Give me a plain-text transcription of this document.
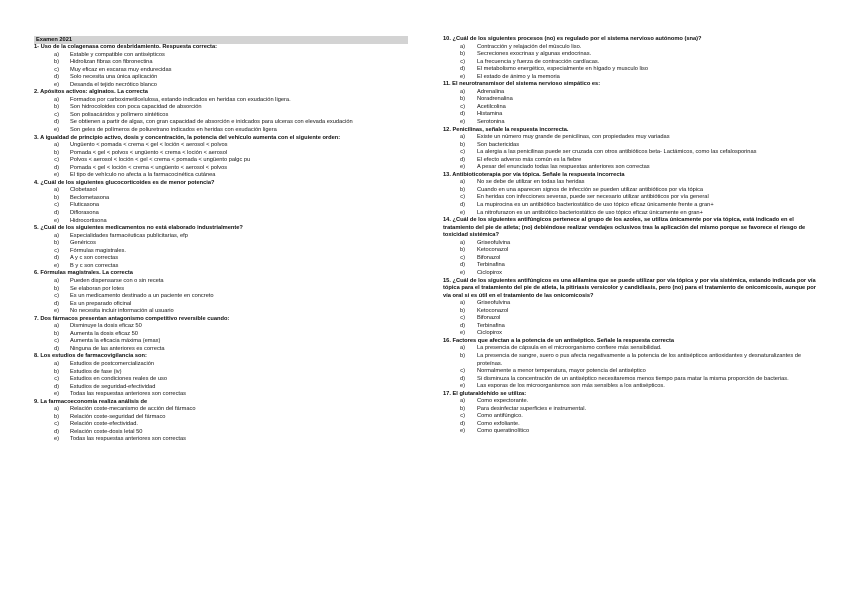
Examen 2021
1- Uso de la colagenasa como desbridamiento. Respuesta correcta:
a)	Estable y compatible con antisépticos
b)	Hidrolizan fibras con fibronectina
c)	Muy eficaz en escaras muy endurecidas
d)	Solo necesita una única aplicación
e)	Desanda el tejido necrótico blanco
2. Apósitos activos: alginatos. La correcta
a)	Formados por carboximetilcelulosa, estando indicados en heridas con exudación ligera.
b)	Son hidrocoloides con poca capacidad de absorción
c)	Son polisacáridos y polímero sintéticos
d)	Se obtienen a partir de algas, con gran capacidad de absorción e inidcados para ulceras con elevada exudación
e)	Son geles de polímeros de poliuretrano indicados en heridas con exudación ligera
3. A igualdad de principio activo, dosis y concentración, la potencia del vehículo aumenta con el siguiente orden:
a)	Ungüento < pomada < crema < gel < loción < aerosol < polvos
b)	Pomada < gel < polvos < ungüento < crema < loción < aerosol
c)	Polvos < aerosol < loción < gel < crema < pomada < ungüento palgc pu
d)	Pomada < gel < loción < crema < ungüento < aerosol < polvos
e)	El tipo de vehículo no afecta a la farmacocinética cutánea
4. ¿Cuál de los siguientes glucocorticoides es de menor potencia?
a)	Clobetasol
b)	Beclometasona
c)	Fluticasona
d)	Diflorasona
e)	Hidrocortisona
5. ¿Cuál de los siguientes medicamentos no está elaborado industrialmente?
a)	Especialidades farmacéuticas publicitarias, efp
b)	Genéricos
c)	Fórmulas magistrales.
d)	A y c son correctas
e)	B y c son correctas
6. Fórmulas magistrales. La correcta
a)	Pueden dispensarse con o sin receta
b)	Se elaboran por lotes
c)	Es un medicamento destinado a un paciente en concreto
d)	Es un preparado oficinal
e)	No necesita incluir información al usuario
7. Dos fármacos presentan antagonismo competitivo reversible cuando:
a)	Disminuye la dosis eficaz 50
b)	Aumenta la dosis eficaz 50
c)	Aumenta la eficacia máxima (emax)
d)	Ninguna de las anteriores es correcta
8. Los estudios de farmacovigilancia son:
a)	Estudios de postcomercialización
b)	Estudios de fase (iv)
c)	Estudios en condiciones reales de uso
d)	Estudios de seguridad-efectividad
e)	Todas las respuestas anteriores son correctas
9. La farmacoeconomía realiza análisis de
a)	Relación coste-mecanismo de acción del fármaco
b)	Relación coste-seguridad del fármaco
c)	Relación coste-efectividad.
d)	Relación coste-dosis letal 50
e)	Todas las respuestas anteriores son correctas
10. ¿Cuál de los siguientes procesos (no) es regulado por el sistema nervioso autónomo (sna)?
a)	Contracción y relajación del músculo liso.
b)	Secreciones exocrinas y algunas endocrinas.
c)	La frecuencia y fuerza de contracción cardíacas.
d)	El metabolismo energético, especialmente en hígado y musculo liso
e)	El estado de ánimo y la memoria
11. El neurotransmisor del sistema nervioso simpático es:
a)	Adrenalina
b)	Noradrenalina
c)	Acetilcolina
d)	Histamina
e)	Serotonina
12. Penicilinas, señale la respuesta incorrecta.
a)	Existe un número muy grande de penicilinas, con propiedades muy variadas
b)	Son bactericidas
c)	La alergia a las penicilinas puede ser cruzada con otros antibióticos beta- Lactámicos, como las cefalosporinas
d)	El efecto adverso más común es la fiebre
e)	A pesar del enunciado todas las respuestas anteriores son correctas
13. Antibioticoterapia por vía tópica. Señale la respuesta incorrecta
a)	No se debe de utilizar en todas las heridas
b)	Cuando en una aparecen signos de infección se pueden utilizar antibióticos por vía tópica
c)	En heridas con infecciones severas, puede ser necesario utilizar antibióticos por vía general
d)	La mupirocina es un antibiótico bacteriostático de uso tópico eficaz únicamente frente a gran+
e)	La nitrofurazon es un antibiótico bacteriostático de uso tópico eficaz únicamente en gran+
14. ¿Cuál de los siguientes antifúngicos pertenece al grupo de los azoles, se utiliza únicamente por vía tópica, está indicado en el tratamiento del pie de atleta; (no) debiéndose realizar vendajes oclusivos tras la aplicación del mismo porque se favorece el riesgo de toxicidad sistémica?
a)	Griseofulvina
b)	Ketoconazol
c)	Bifonazol
d)	Terbinafina
e)	Ciclopirox
15. ¿Cuál de los siguientes antifúngicos es una alilamina que se puede utilizar por vía tópica y por vía sistémica, estando indicada por vía tópica para el tratamiento del pie de atleta, la pitiriasis versicolor y candidiasis, pero (no) para el tratamiento de onicomicosis, aunque por vía oral si es útil en el tratamiento de las onicomicosis?
a)	Griseofulvina
b)	Ketoconazol
c)	Bifonazol
d)	Terbinafina
e)	Ciclopirox
16. Factores que afectan a la potencia de un antiséptico. Señale la respuesta correcta
a)	La presencia de cápsula en el microorganismo confiere más sensibilidad.
b)	La presencia de sangre, suero o pus afecta negativamente a la potencia de los antisépticos antioxidantes y desnaturalizantes de proteínas.
c)	Normalmente a menor temperatura, mayor potencia del antiséptico
d)	Si disminuza la concentración de un antiséptico necesitaremos menos tiempo para matar la misma proporción de bacterias.
e)	Las esporas de los microorganismos son más sensibles a los antisépticos.
17. El glutaraldehído se utiliza:
a)	Como expectorante.
b)	Para desinfectar superficies e instrumental.
c)	Como antifúngico.
d)	Como exfoliante.
e)	Como queratinolítico
